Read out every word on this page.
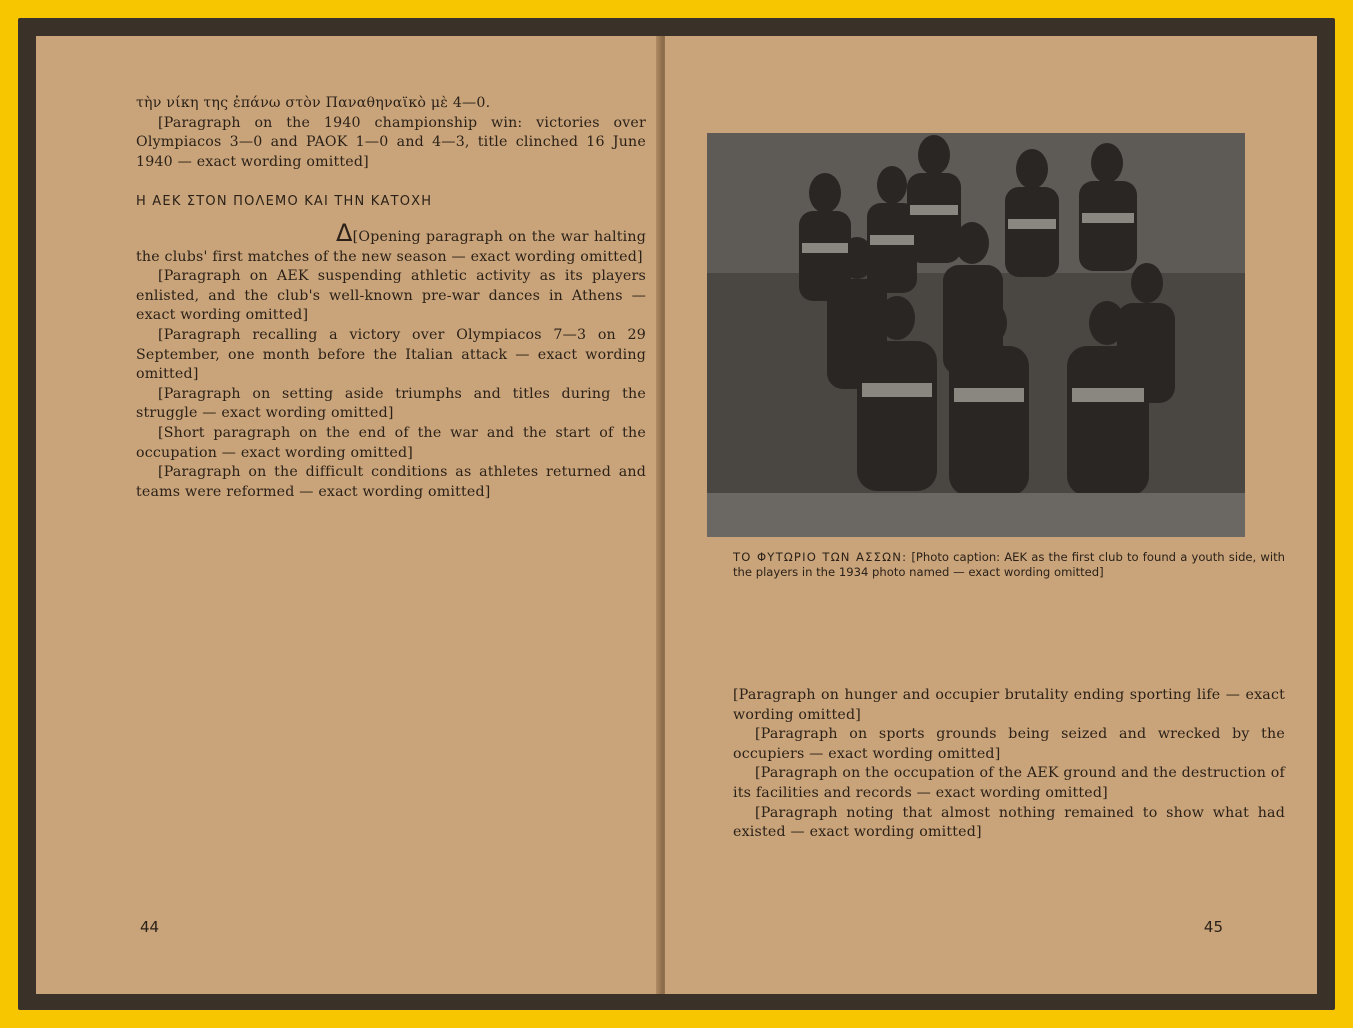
τὴν νίκη της ἐπάνω στὸν Παναθηναϊκὸ μὲ 4—0.

[Paragraph on the 1940 championship win: victories over Olympiacos 3—0 and PAOK 1—0 and 4—3, title clinched 16 June 1940 — exact wording omitted]

Η ΑΕΚ ΣΤΟΝ ΠΟΛΕΜΟ ΚΑΙ ΤΗΝ ΚΑΤΟΧΗ

Δ[Opening paragraph on the war halting the clubs' first matches of the new season — exact wording omitted]

[Paragraph on AEK suspending athletic activity as its players enlisted, and the club's well-known pre-war dances in Athens — exact wording omitted]

[Paragraph recalling a victory over Olympiacos 7—3 on 29 September, one month before the Italian attack — exact wording omitted]

[Paragraph on setting aside triumphs and titles during the struggle — exact wording omitted]

[Short paragraph on the end of the war and the start of the occupation — exact wording omitted]

[Paragraph on the difficult conditions as athletes returned and teams were reformed — exact wording omitted]

44
ΤΟ ΦΥΤΩΡΙΟ ΤΩΝ ΑΣΣΩΝ: [Photo caption: AEK as the first club to found a youth side, with the players in the 1934 photo named — exact wording omitted]

[Paragraph on hunger and occupier brutality ending sporting life — exact wording omitted]

[Paragraph on sports grounds being seized and wrecked by the occupiers — exact wording omitted]

[Paragraph on the occupation of the AEK ground and the destruction of its facilities and records — exact wording omitted]

[Paragraph noting that almost nothing remained to show what had existed — exact wording omitted]

45
